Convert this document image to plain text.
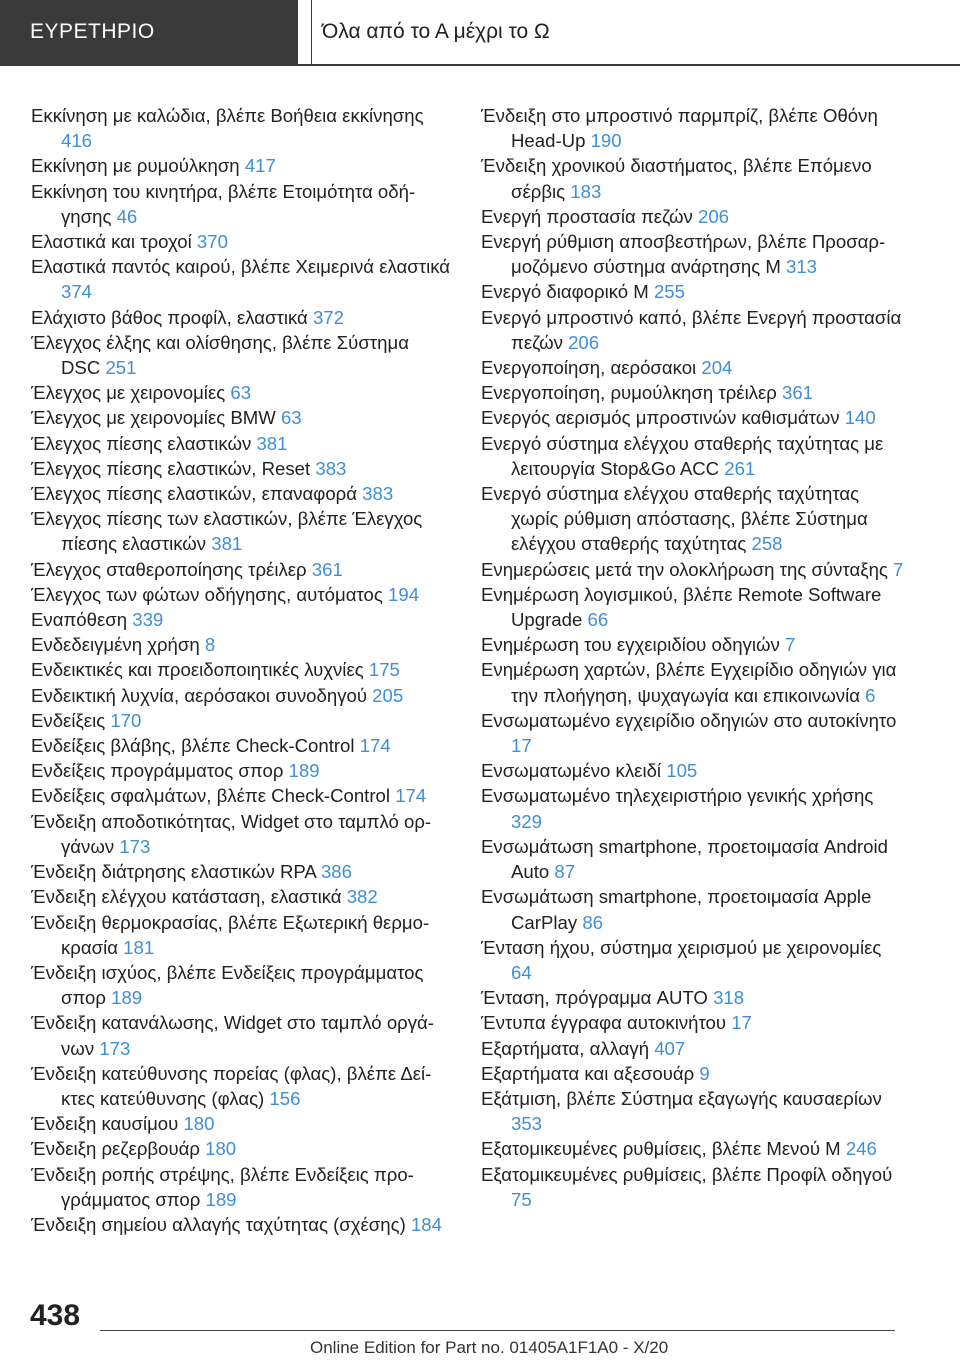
ΕΥΡΕΤΗΡΙΟ	Όλα από το Α μέχρι το Ω

Εκκίνηση με καλώδια, βλέπε Βοήθεια εκκίνησης 416

Εκκίνηση με ρυμούλκηση 417

Εκκίνηση του κινητήρα, βλέπε Ετοιμότητα οδήγησης 46

Ελαστικά και τροχοί 370

Ελαστικά παντός καιρού, βλέπε Χειμερινά ελαστικά 374

Ελάχιστο βάθος προφίλ, ελαστικά 372

Έλεγχος έλξης και ολίσθησης, βλέπε Σύστημα DSC 251

Έλεγχος με χειρονομίες 63

Έλεγχος με χειρονομίες BMW 63

Έλεγχος πίεσης ελαστικών 381

Έλεγχος πίεσης ελαστικών, Reset 383

Έλεγχος πίεσης ελαστικών, επαναφορά 383

Έλεγχος πίεσης των ελαστικών, βλέπε Έλεγχος πίεσης ελαστικών 381

Έλεγχος σταθεροποίησης τρέιλερ 361

Έλεγχος των φώτων οδήγησης, αυτόματος 194

Εναπόθεση 339

Ενδεδειγμένη χρήση 8

Ενδεικτικές και προειδοποιητικές λυχνίες 175

Ενδεικτική λυχνία, αερόσακοι συνοδηγού 205

Ενδείξεις 170

Ενδείξεις βλάβης, βλέπε Check-Control 174

Ενδείξεις προγράμματος σπορ 189

Ενδείξεις σφαλμάτων, βλέπε Check-Control 174

Ένδειξη αποδοτικότητας, Widget στο ταμπλό οργάνων 173

Ένδειξη διάτρησης ελαστικών RPA 386

Ένδειξη ελέγχου κατάσταση, ελαστικά 382

Ένδειξη θερμοκρασίας, βλέπε Εξωτερική θερμοκρασία 181

Ένδειξη ισχύος, βλέπε Ενδείξεις προγράμματος σπορ 189

Ένδειξη κατανάλωσης, Widget στο ταμπλό οργάνων 173

Ένδειξη κατεύθυνσης πορείας (φλας), βλέπε Δείκτες κατεύθυνσης (φλας) 156

Ένδειξη καυσίμου 180

Ένδειξη ρεζερβουάρ 180

Ένδειξη ροπής στρέψης, βλέπε Ενδείξεις προγράμματος σπορ 189

Ένδειξη σημείου αλλαγής ταχύτητας (σχέσης) 184

Ένδειξη στο μπροστινό παρμπρίζ, βλέπε Οθόνη Head-Up 190

Ένδειξη χρονικού διαστήματος, βλέπε Επόμενο σέρβις 183

Ενεργή προστασία πεζών 206

Ενεργή ρύθμιση αποσβεστήρων, βλέπε Προσαρμοζόμενο σύστημα ανάρτησης M 313

Ενεργό διαφορικό M 255

Ενεργό μπροστινό καπό, βλέπε Ενεργή προστασία πεζών 206

Ενεργοποίηση, αερόσακοι 204

Ενεργοποίηση, ρυμούλκηση τρέιλερ 361

Ενεργός αερισμός μπροστινών καθισμάτων 140

Ενεργό σύστημα ελέγχου σταθερής ταχύτητας με λειτουργία Stop&Go ACC 261

Ενεργό σύστημα ελέγχου σταθερής ταχύτητας χωρίς ρύθμιση απόστασης, βλέπε Σύστημα ελέγχου σταθερής ταχύτητας 258

Ενημερώσεις μετά την ολοκλήρωση της σύνταξης 7

Ενημέρωση λογισμικού, βλέπε Remote Software Upgrade 66

Ενημέρωση του εγχειριδίου οδηγιών 7

Ενημέρωση χαρτών, βλέπε Εγχειρίδιο οδηγιών για την πλοήγηση, ψυχαγωγία και επικοινωνία 6

Ενσωματωμένο εγχειρίδιο οδηγιών στο αυτοκίνητο 17

Ενσωματωμένο κλειδί 105

Ενσωματωμένο τηλεχειριστήριο γενικής χρήσης 329

Ενσωμάτωση smartphone, προετοιμασία Android Auto 87

Ενσωμάτωση smartphone, προετοιμασία Apple CarPlay 86

Ένταση ήχου, σύστημα χειρισμού με χειρονομίες 64

Ένταση, πρόγραμμα AUTO 318

Έντυπα έγγραφα αυτοκινήτου 17

Εξαρτήματα, αλλαγή 407

Εξαρτήματα και αξεσουάρ 9

Εξάτμιση, βλέπε Σύστημα εξαγωγής καυσαερίων 353

Εξατομικευμένες ρυθμίσεις, βλέπε Μενού M 246

Εξατομικευμένες ρυθμίσεις, βλέπε Προφίλ οδηγού 75

438
Online Edition for Part no. 01405A1F1A0 - X/20
